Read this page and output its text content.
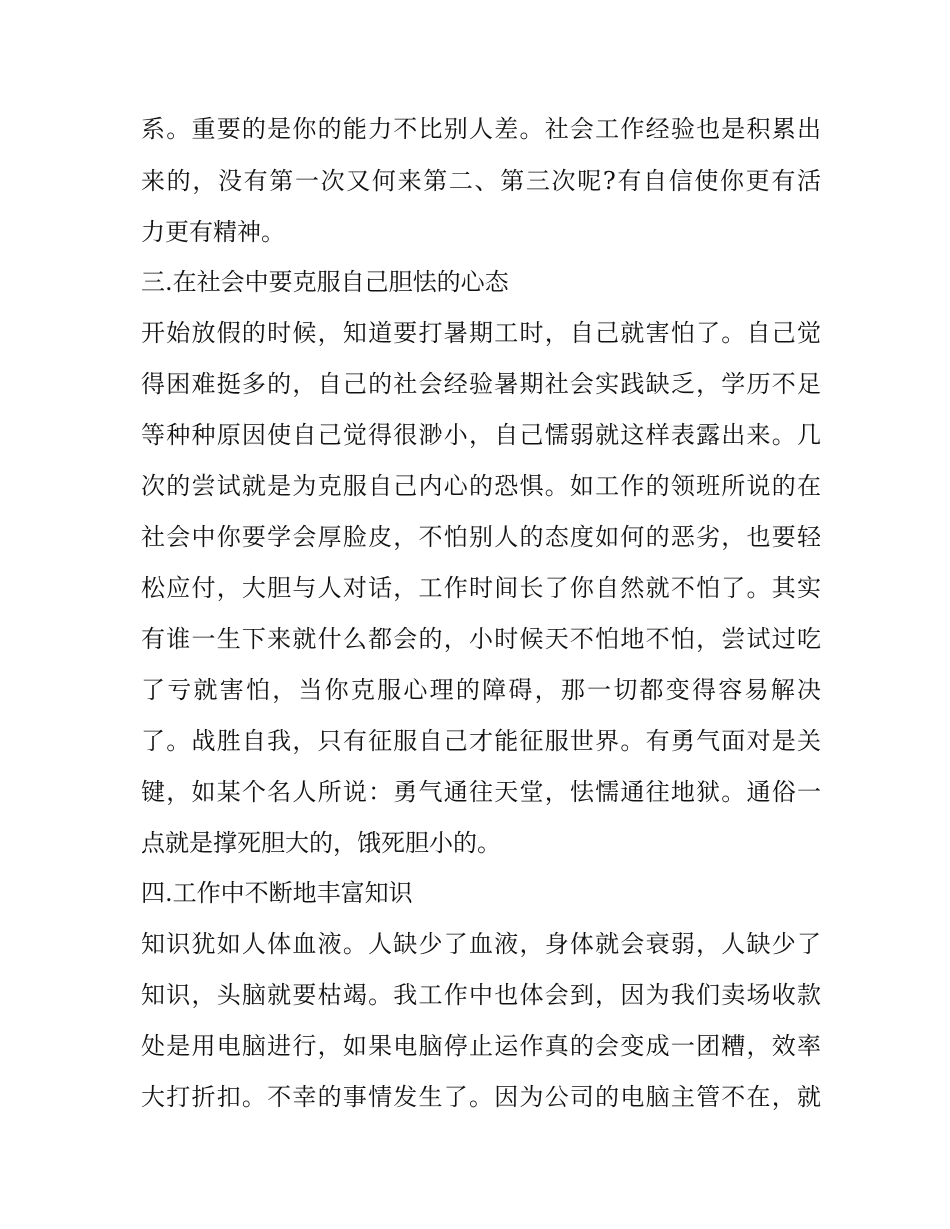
系。重要的是你的能力不比别人差。社会工作经验也是积累出
来的，没有第一次又何来第二、第三次呢?有自信使你更有活
力更有精神。
三.在社会中要克服自己胆怯的心态
开始放假的时候，知道要打暑期工时，自己就害怕了。自己觉
得困难挺多的，自己的社会经验暑期社会实践缺乏，学历不足
等种种原因使自己觉得很渺小，自己懦弱就这样表露出来。几
次的尝试就是为克服自己内心的恐惧。如工作的领班所说的在
社会中你要学会厚脸皮，不怕别人的态度如何的恶劣，也要轻
松应付，大胆与人对话，工作时间长了你自然就不怕了。其实
有谁一生下来就什么都会的，小时候天不怕地不怕，尝试过吃
了亏就害怕，当你克服心理的障碍，那一切都变得容易解决
了。战胜自我，只有征服自己才能征服世界。有勇气面对是关
键，如某个名人所说：勇气通往天堂，怯懦通往地狱。通俗一
点就是撑死胆大的，饿死胆小的。
四.工作中不断地丰富知识
知识犹如人体血液。人缺少了血液，身体就会衰弱，人缺少了
知识，头脑就要枯竭。我工作中也体会到，因为我们卖场收款
处是用电脑进行，如果电脑停止运作真的会变成一团糟，效率
大打折扣。不幸的事情发生了。因为公司的电脑主管不在，就
